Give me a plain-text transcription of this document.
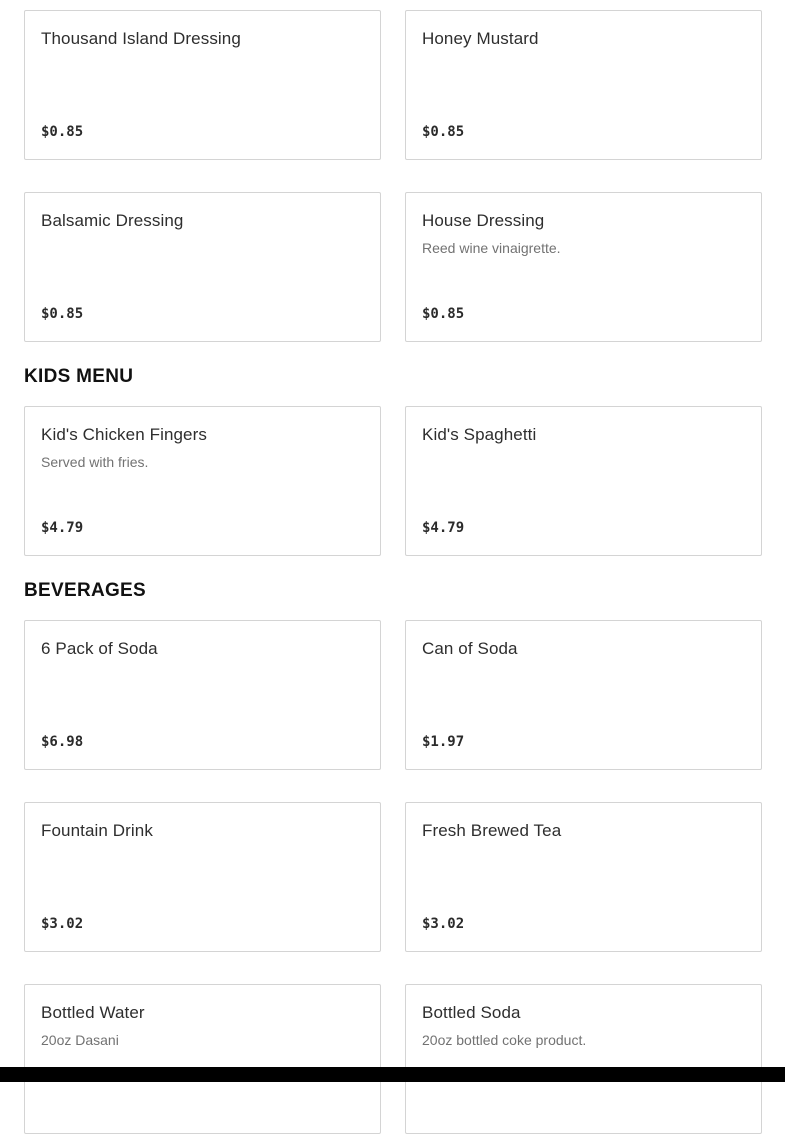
Thousand Island Dressing

$0.85

Honey Mustard

$0.85

Balsamic Dressing

$0.85

House Dressing

Reed wine vinaigrette.

$0.85

KIDS MENU

Kid's Chicken Fingers

Served with fries.

$4.79

Kid's Spaghetti

$4.79

BEVERAGES

6 Pack of Soda

$6.98

Can of Soda

$1.97

Fountain Drink

$3.02

Fresh Brewed Tea

$3.02

Bottled Water

20oz Dasani

Bottled Soda

20oz bottled coke product.
